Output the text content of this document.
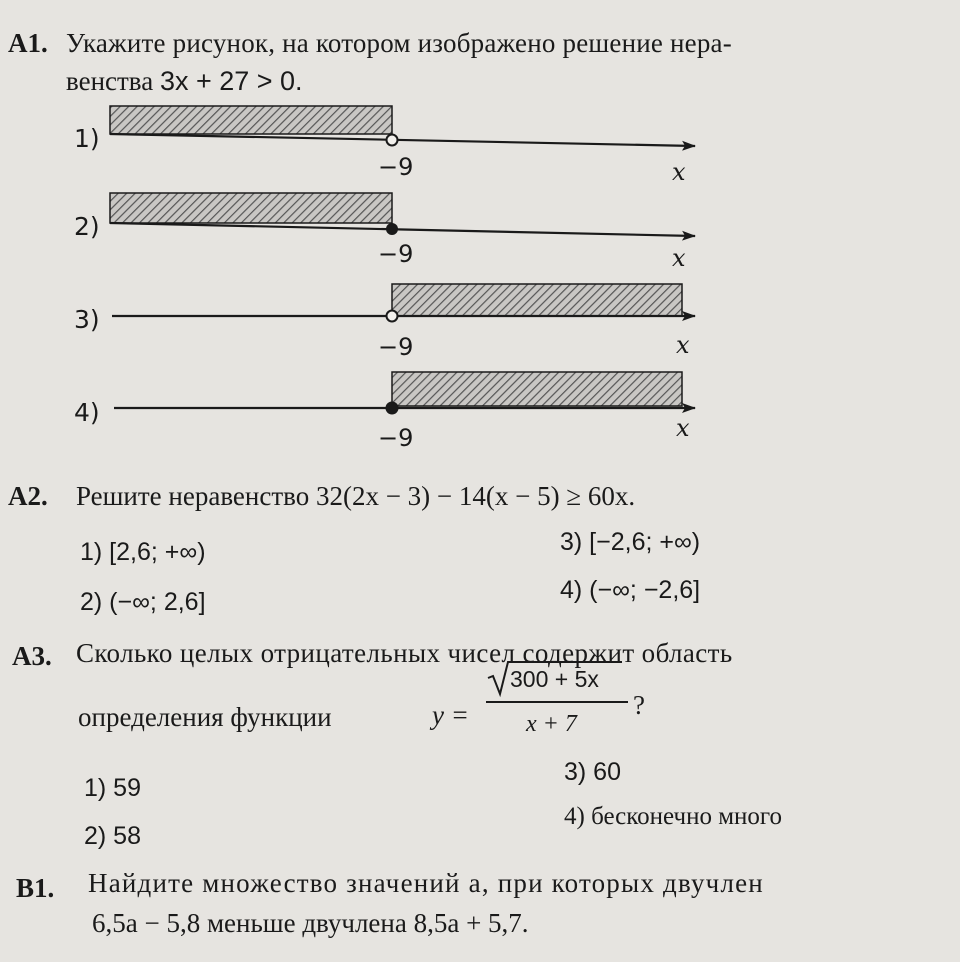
А1. Укажите рисунок, на котором изображено решение нера-
венства 3x + 27 > 0.
1)
−9	x
2)
−9	x
3)
−9	x
4)
−9	x
А2. Решите неравенство 32(2x − 3) − 14(x − 5) ≥ 60x.
1) [2,6; +∞)
2) (−∞; 2,6]
3) [−2,6; +∞)
4) (−∞; −2,6]
А3. Сколько целых отрицательных чисел содержит область
определения функции	y =
300 + 5x
x + 7
?
1) 59
2) 58
3) 60
4) бесконечно много
В1. Найдите множество значений a, при которых двучлен
6,5a − 5,8 меньше двучлена 8,5a + 5,7.
